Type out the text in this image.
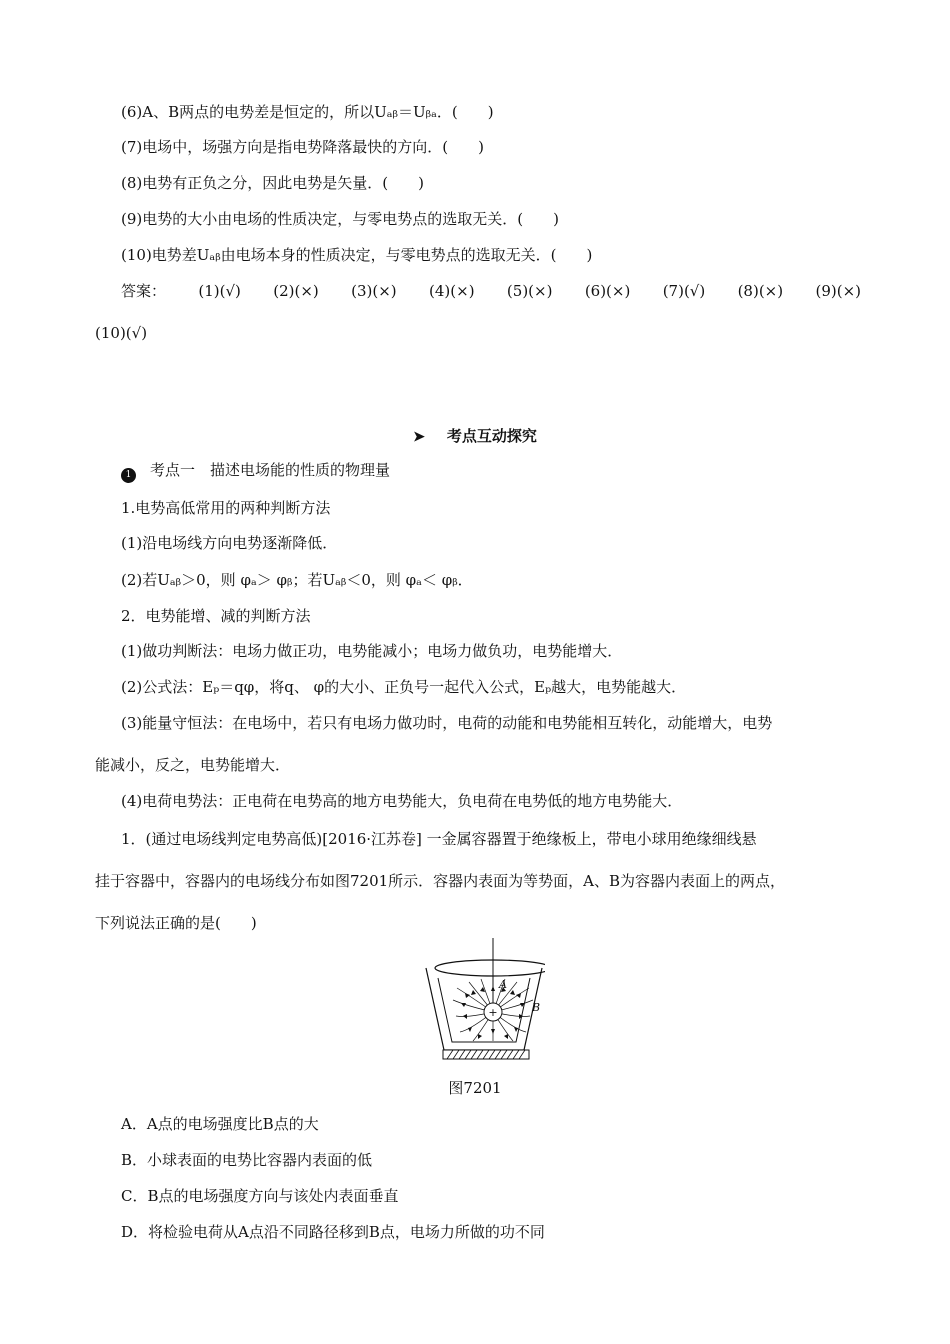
(6)A、B两点的电势差是恒定的，所以Uₐᵦ＝Uᵦₐ．(　　)
(7)电场中，场强方向是指电势降落最快的方向．(　　)
(8)电势有正负之分，因此电势是矢量．(　　)
(9)电势的大小由电场的性质决定，与零电势点的选取无关．(　　)
(10)电势差Uₐᵦ由电场本身的性质决定，与零电势点的选取无关．(　　)
答案： (1)(√) (2)(×) (3)(×) (4)(×) (5)(×) (6)(×) (7)(√) (8)(×) (9)(×)
(10)(√)
➤ 考点互动探究
1 考点一　描述电场能的性质的物理量
1.电势高低常用的两种判断方法
(1)沿电场线方向电势逐渐降低．
(2)若Uₐᵦ＞0，则 φₐ＞ φᵦ；若Uₐᵦ＜0，则 φₐ＜ φᵦ．
2．电势能增、减的判断方法
(1)做功判断法：电场力做正功，电势能减小；电场力做负功，电势能增大．
(2)公式法：Eₚ＝qφ，将q、 φ的大小、正负号一起代入公式，Eₚ越大，电势能越大．
(3)能量守恒法：在电场中，若只有电场力做功时，电荷的动能和电势能相互转化，动能增大，电势
能减小，反之，电势能增大．
(4)电荷电势法：正电荷在电势高的地方电势能大，负电荷在电势低的地方电势能大．
1．(通过电场线判定电势高低)[2016·江苏卷] 一金属容器置于绝缘板上，带电小球用绝缘细线悬
挂于容器中，容器内的电场线分布如图7201所示．容器内表面为等势面，A、B为容器内表面上的两点，
下列说法正确的是(　　)
+
A
B
图7201
A．A点的电场强度比B点的大
B．小球表面的电势比容器内表面的低
C．B点的电场强度方向与该处内表面垂直
D．将检验电荷从A点沿不同路径移到B点，电场力所做的功不同
